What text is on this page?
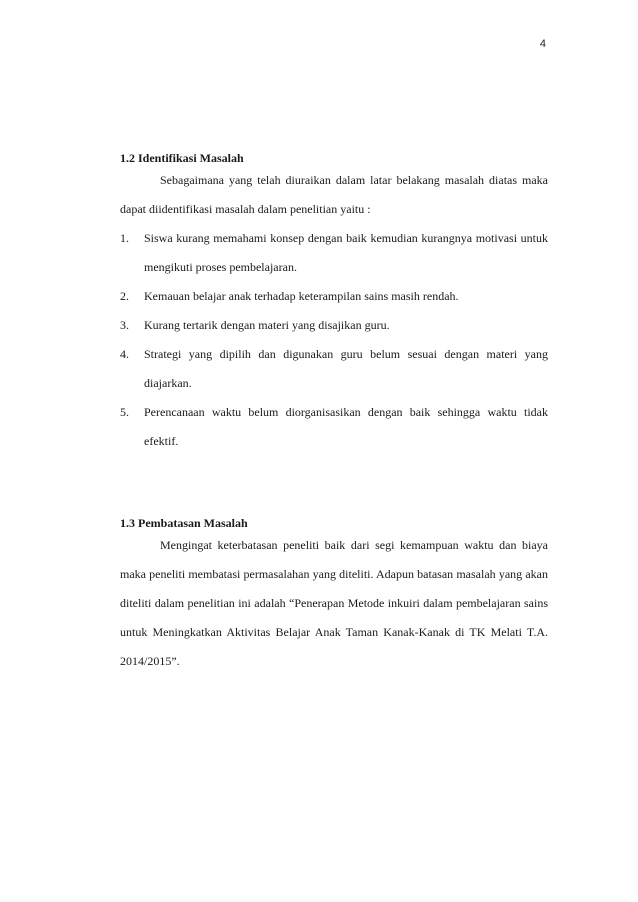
4

1.2 Identifikasi Masalah

Sebagaimana yang telah diuraikan dalam latar belakang masalah diatas maka dapat diidentifikasi masalah dalam penelitian yaitu :

1. Siswa kurang memahami konsep dengan baik kemudian kurangnya motivasi untuk mengikuti proses pembelajaran.
2. Kemauan belajar anak terhadap keterampilan sains masih rendah.
3. Kurang tertarik dengan materi yang disajikan guru.
4. Strategi yang dipilih dan digunakan guru belum sesuai dengan materi yang diajarkan.
5. Perencanaan waktu belum diorganisasikan dengan baik sehingga waktu tidak efektif.

1.3 Pembatasan Masalah

Mengingat keterbatasan peneliti baik dari segi kemampuan waktu dan biaya maka peneliti membatasi permasalahan yang diteliti. Adapun batasan masalah yang akan diteliti dalam penelitian ini adalah “Penerapan Metode inkuiri dalam pembelajaran sains untuk Meningkatkan Aktivitas Belajar Anak Taman Kanak-Kanak di TK Melati T.A. 2014/2015”.
